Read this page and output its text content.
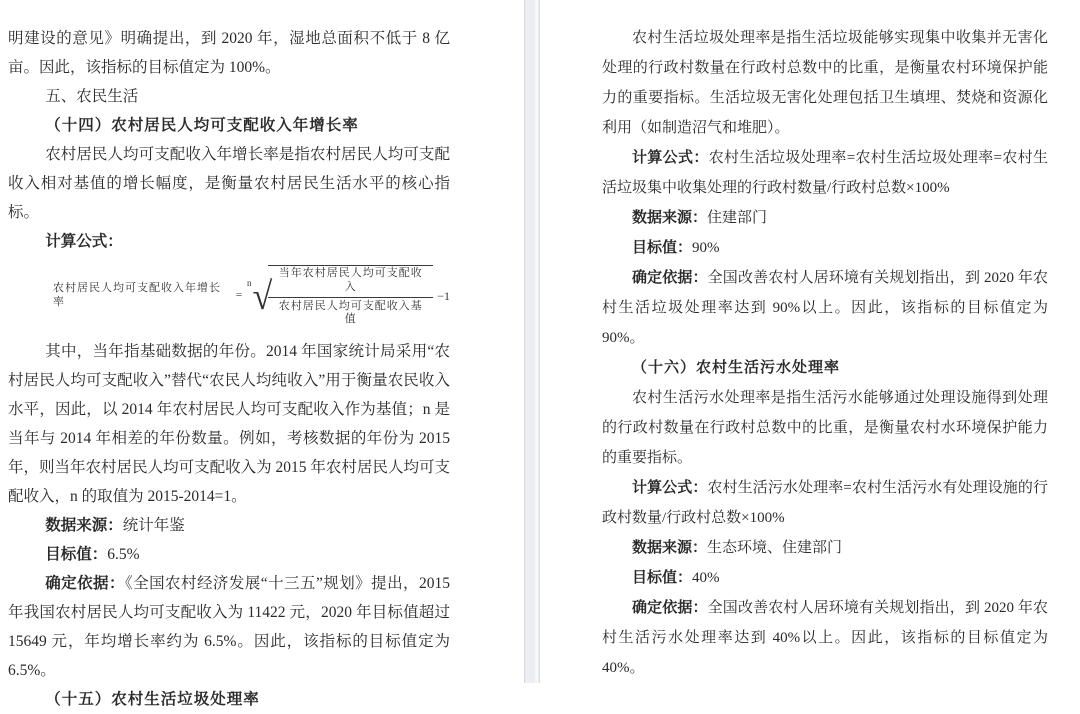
明建设的意见》明确提出，到 2020 年，湿地总面积不低于 8 亿亩。因此，该指标的目标值定为 100%。

五、农民生活

（十四）农村居民人均可支配收入年增长率

农村居民人均可支配收入年增长率是指农村居民人均可支配收入相对基值的增长幅度，是衡量农村居民生活水平的核心指标。

计算公式：

农村居民人均可支配收入年增长率
=
n √
$\frac{\text{当年农村居民人均可支配收入}}{\text{农村居民人均可支配收入基值}} -1$

其中，当年指基础数据的年份。2014 年国家统计局采用“农村居民人均可支配收入”替代“农民人均纯收入”用于衡量农民收入水平，因此，以 2014 年农村居民人均可支配收入作为基值；n 是当年与 2014 年相差的年份数量。例如，考核数据的年份为 2015 年，则当年农村居民人均可支配收入为 2015 年农村居民人均可支配收入，n 的取值为 2015-2014=1。

数据来源：统计年鉴

目标值：6.5%

确定依据：《全国农村经济发展“十三五”规划》提出，2015 年我国农村居民人均可支配收入为 11422 元，2020 年目标值超过 15649 元，年均增长率约为 6.5%。因此，该指标的目标值定为 6.5%。

（十五）农村生活垃圾处理率

农村生活垃圾处理率是指生活垃圾能够实现集中收集并无害化处理的行政村数量在行政村总数中的比重，是衡量农村环境保护能力的重要指标。生活垃圾无害化处理包括卫生填埋、焚烧和资源化利用（如制造沼气和堆肥）。

计算公式：农村生活垃圾处理率=农村生活垃圾处理率=农村生活垃圾集中收集处理的行政村数量/行政村总数×100%

数据来源：住建部门

目标值：90%

确定依据：全国改善农村人居环境有关规划指出，到 2020 年农村生活垃圾处理率达到 90%以上。因此，该指标的目标值定为 90%。

（十六）农村生活污水处理率

农村生活污水处理率是指生活污水能够通过处理设施得到处理的行政村数量在行政村总数中的比重，是衡量农村水环境保护能力的重要指标。

计算公式：农村生活污水处理率=农村生活污水有处理设施的行政村数量/行政村总数×100%

数据来源：生态环境、住建部门

目标值：40%

确定依据：全国改善农村人居环境有关规划指出，到 2020 年农村生活污水处理率达到 40%以上。因此，该指标的目标值定为 40%。
